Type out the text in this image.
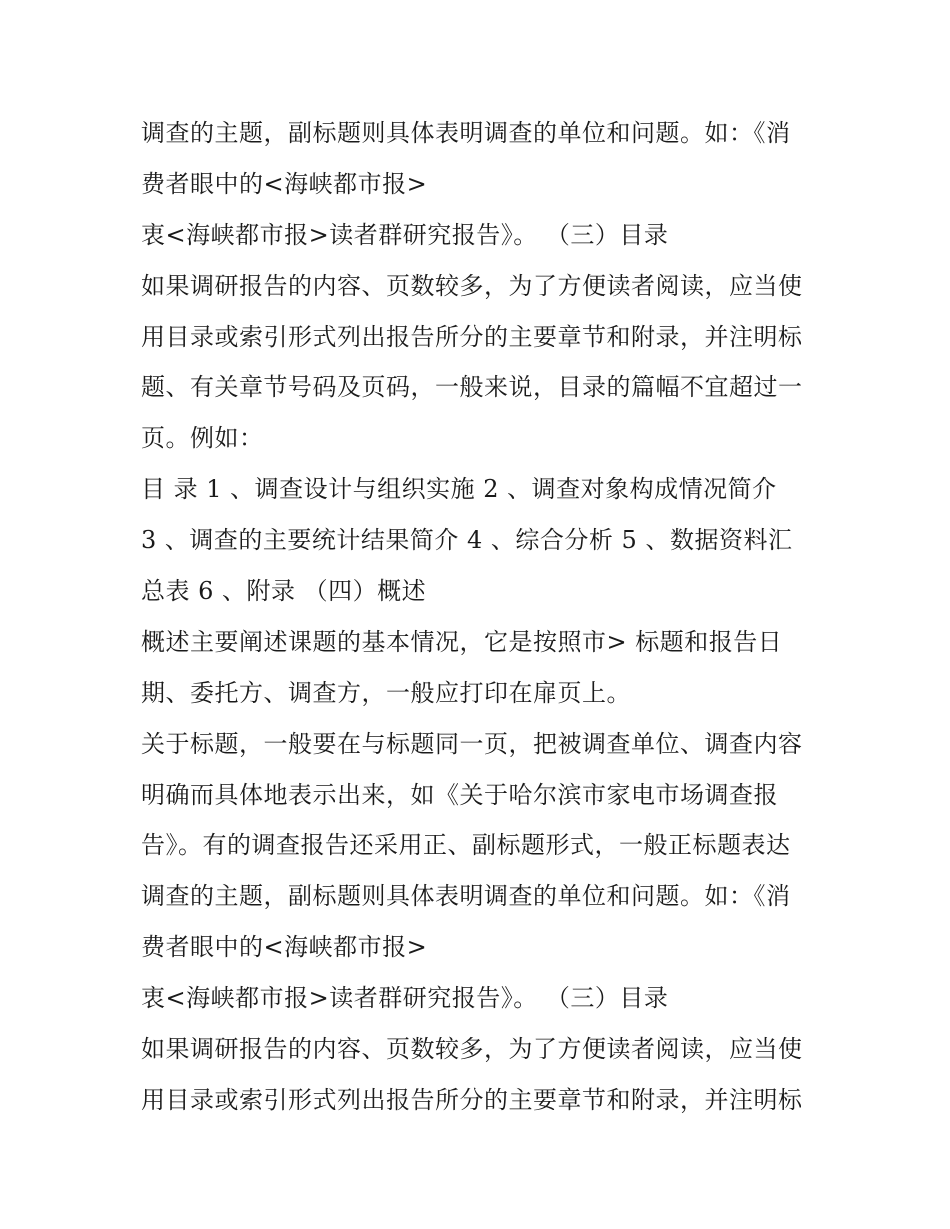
调查的主题，副标题则具体表明调查的单位和问题。如：《消
费者眼中的<海峡都市报>
衷<海峡都市报>读者群研究报告》。 （三）目录
如果调研报告的内容、页数较多，为了方便读者阅读，应当使
用目录或索引形式列出报告所分的主要章节和附录，并注明标
题、有关章节号码及页码，一般来说，目录的篇幅不宜超过一
页。例如：
目 录 1 、调查设计与组织实施 2 、调查对象构成情况简介
3 、调查的主要统计结果简介 4 、综合分析 5 、数据资料汇
总表 6 、附录 （四）概述
概述主要阐述课题的基本情况，它是按照市> 标题和报告日
期、委托方、调查方，一般应打印在扉页上。
关于标题，一般要在与标题同一页，把被调查单位、调查内容
明确而具体地表示出来，如《关于哈尔滨市家电市场调查报
告》。有的调查报告还采用正、副标题形式，一般正标题表达
调查的主题，副标题则具体表明调查的单位和问题。如：《消
费者眼中的<海峡都市报>
衷<海峡都市报>读者群研究报告》。 （三）目录
如果调研报告的内容、页数较多，为了方便读者阅读，应当使
用目录或索引形式列出报告所分的主要章节和附录，并注明标
